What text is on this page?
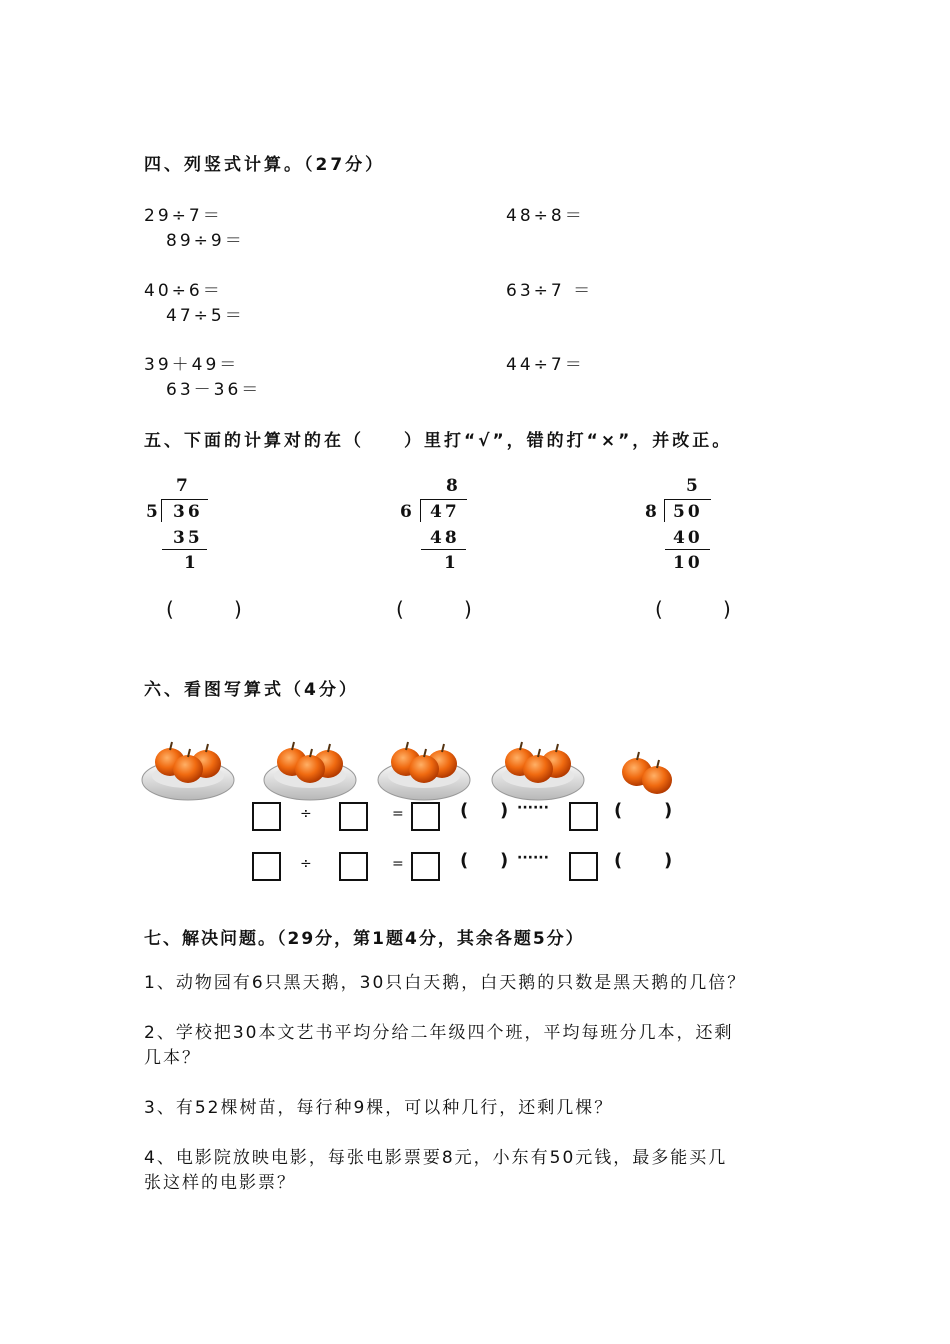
四、列竖式计算。（27分）
29÷7＝	48÷8＝
89÷9＝
40÷6＝	63÷7 ＝
47÷5＝
39＋49＝	44÷7＝
63－36＝
五、下面的计算对的在（　　）里打“√”，错的打“×”，并改正。
7
5 36
35
1
8
6 47
48
1
5
8 50
40
10
(	)	(	)	(	)
六、看图写算式（4分）
÷	=	( ) ······	( )
÷	=	( ) ······	( )
七、解决问题。（29分，第1题4分，其余各题5分）
1、动物园有6只黑天鹅，30只白天鹅，白天鹅的只数是黑天鹅的几倍？
2、学校把30本文艺书平均分给二年级四个班，平均每班分几本，还剩
几本？
3、有52棵树苗，每行种9棵，可以种几行，还剩几棵？
4、电影院放映电影，每张电影票要8元，小东有50元钱，最多能买几
张这样的电影票？
